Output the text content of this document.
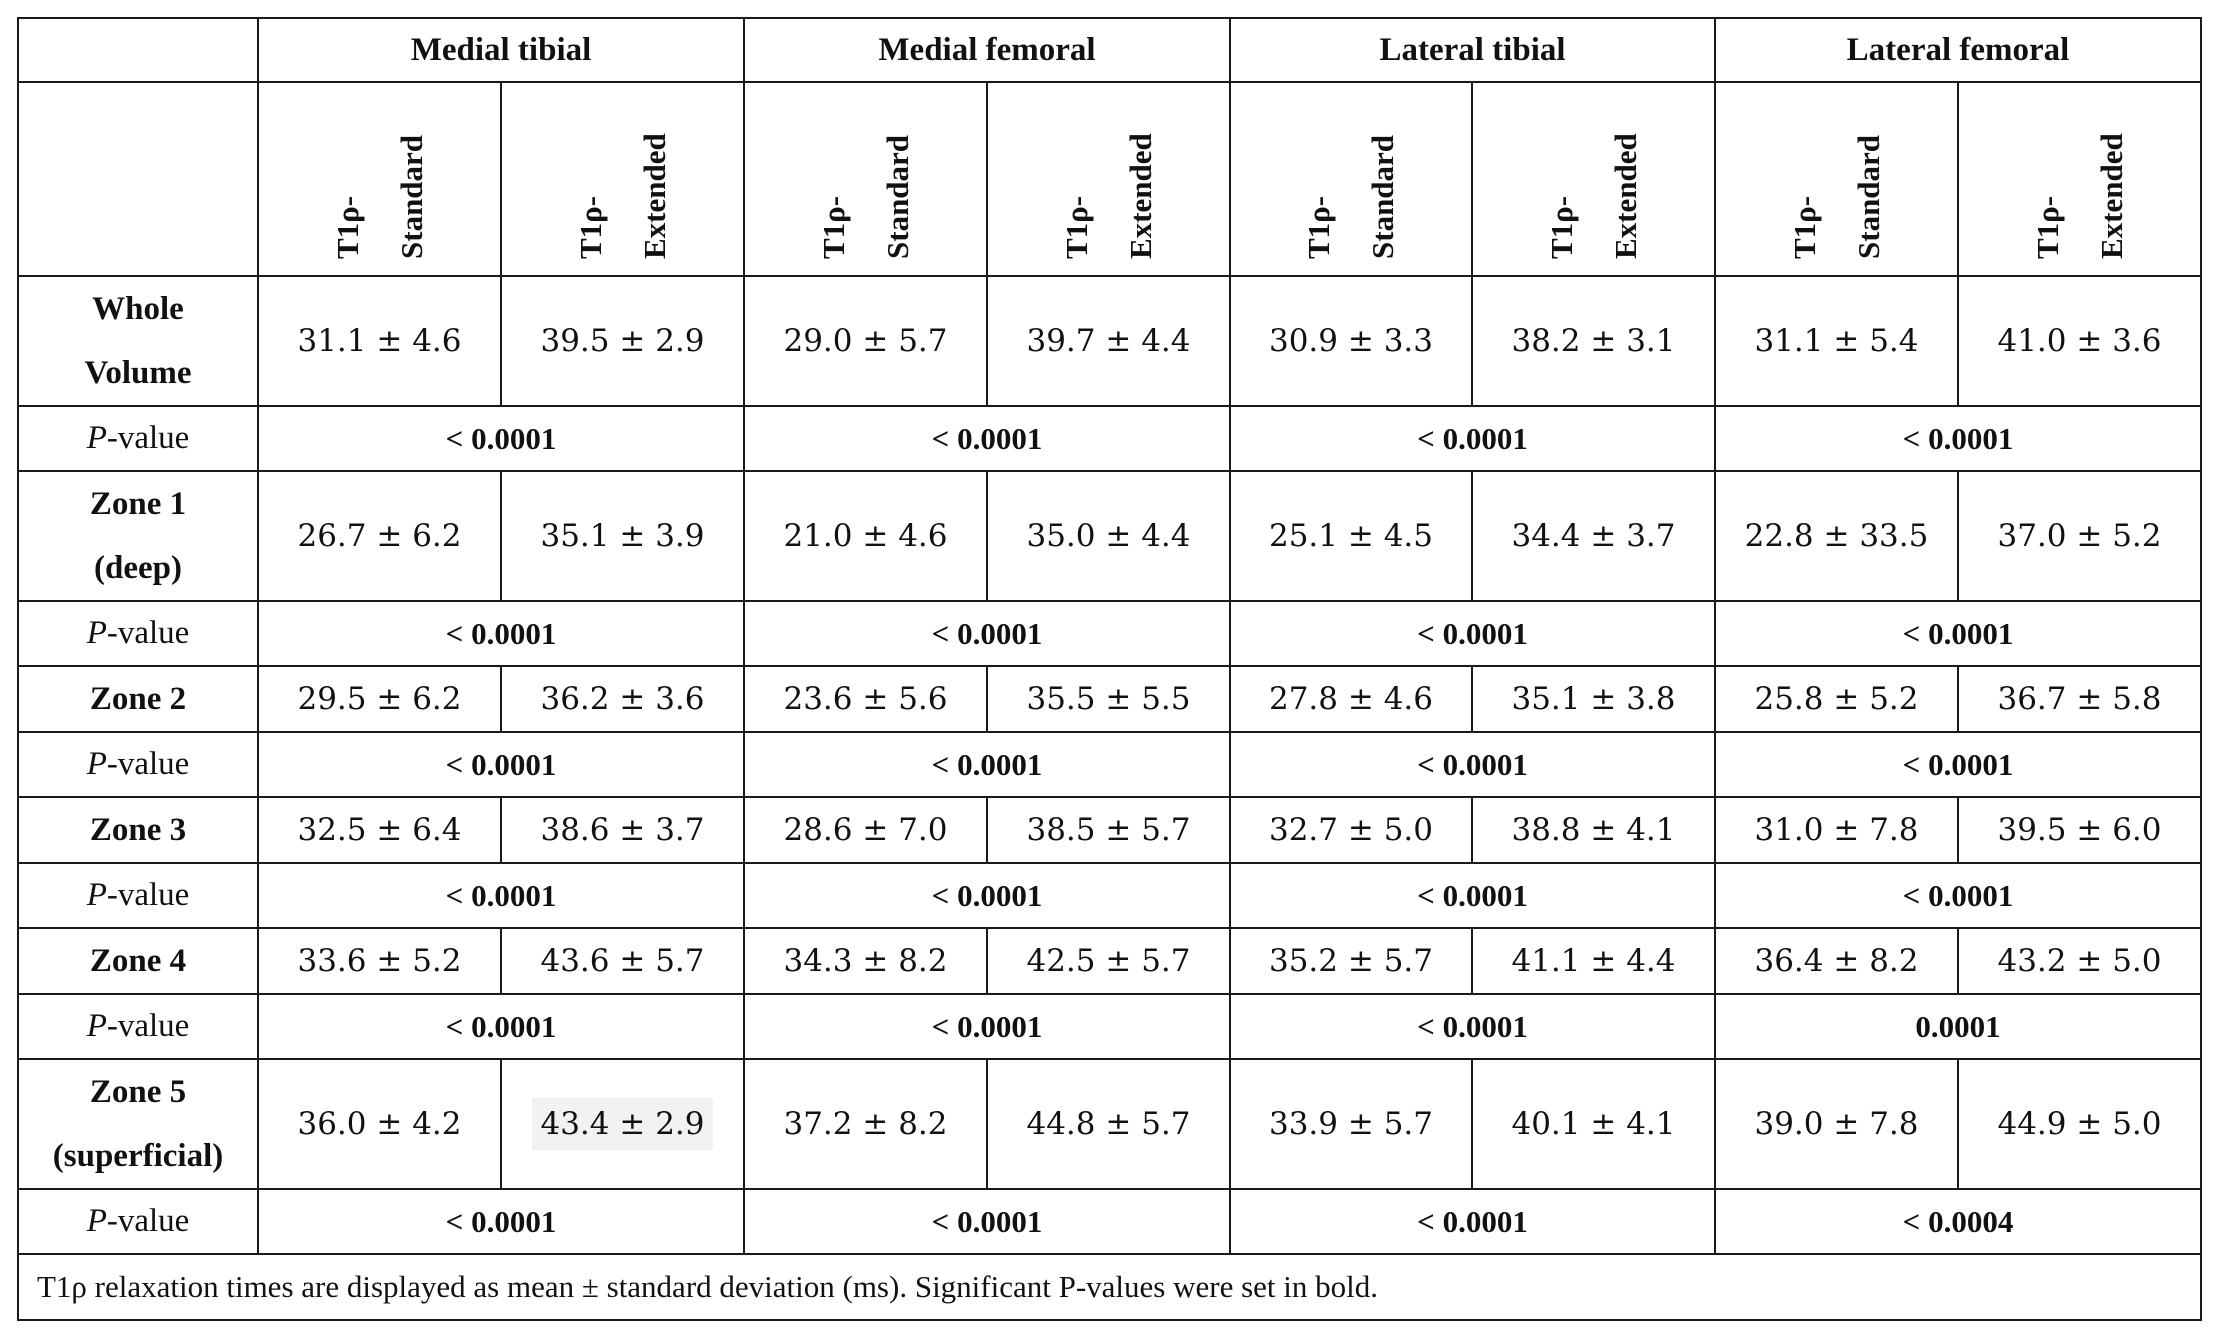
	Medial tibial		Medial femoral		Lateral tibial		Lateral femoral	

	T1ρ- Standard	T1ρ- Extended	T1ρ- Standard	T1ρ- Extended	T1ρ- Standard	T1ρ- Extended	T1ρ- Standard	T1ρ- Extended

Whole
Volume	31.1 ± 4.6	39.5 ± 2.9	29.0 ± 5.7	39.7 ± 4.4	30.9 ± 3.3	38.2 ± 3.1	31.1 ± 5.4	41.0 ± 3.6
P-value	< 0.0001		< 0.0001		< 0.0001		< 0.0001	

Zone 1
(deep)	26.7 ± 6.2	35.1 ± 3.9	21.0 ± 4.6	35.0 ± 4.4	25.1 ± 4.5	34.4 ± 3.7	22.8 ± 33.5	37.0 ± 5.2
P-value	< 0.0001		< 0.0001		< 0.0001		< 0.0001	

Zone 2	29.5 ± 6.2	36.2 ± 3.6	23.6 ± 5.6	35.5 ± 5.5	27.8 ± 4.6	35.1 ± 3.8	25.8 ± 5.2	36.7 ± 5.8
P-value	< 0.0001		< 0.0001		< 0.0001		< 0.0001	

Zone 3	32.5 ± 6.4	38.6 ± 3.7	28.6 ± 7.0	38.5 ± 5.7	32.7 ± 5.0	38.8 ± 4.1	31.0 ± 7.8	39.5 ± 6.0
P-value	< 0.0001		< 0.0001		< 0.0001		< 0.0001	

Zone 4	33.6 ± 5.2	43.6 ± 5.7	34.3 ± 8.2	42.5 ± 5.7	35.2 ± 5.7	41.1 ± 4.4	36.4 ± 8.2	43.2 ± 5.0
P-value	< 0.0001		< 0.0001		< 0.0001		0.0001	

Zone 5
(superficial)	36.0 ± 4.2	43.4 ± 2.9	37.2 ± 8.2	44.8 ± 5.7	33.9 ± 5.7	40.1 ± 4.1	39.0 ± 7.8	44.9 ± 5.0
P-value	< 0.0001		< 0.0001		< 0.0001		< 0.0004	
T1ρ relaxation times are displayed as mean ± standard deviation (ms). Significant P-values were set in bold.								
